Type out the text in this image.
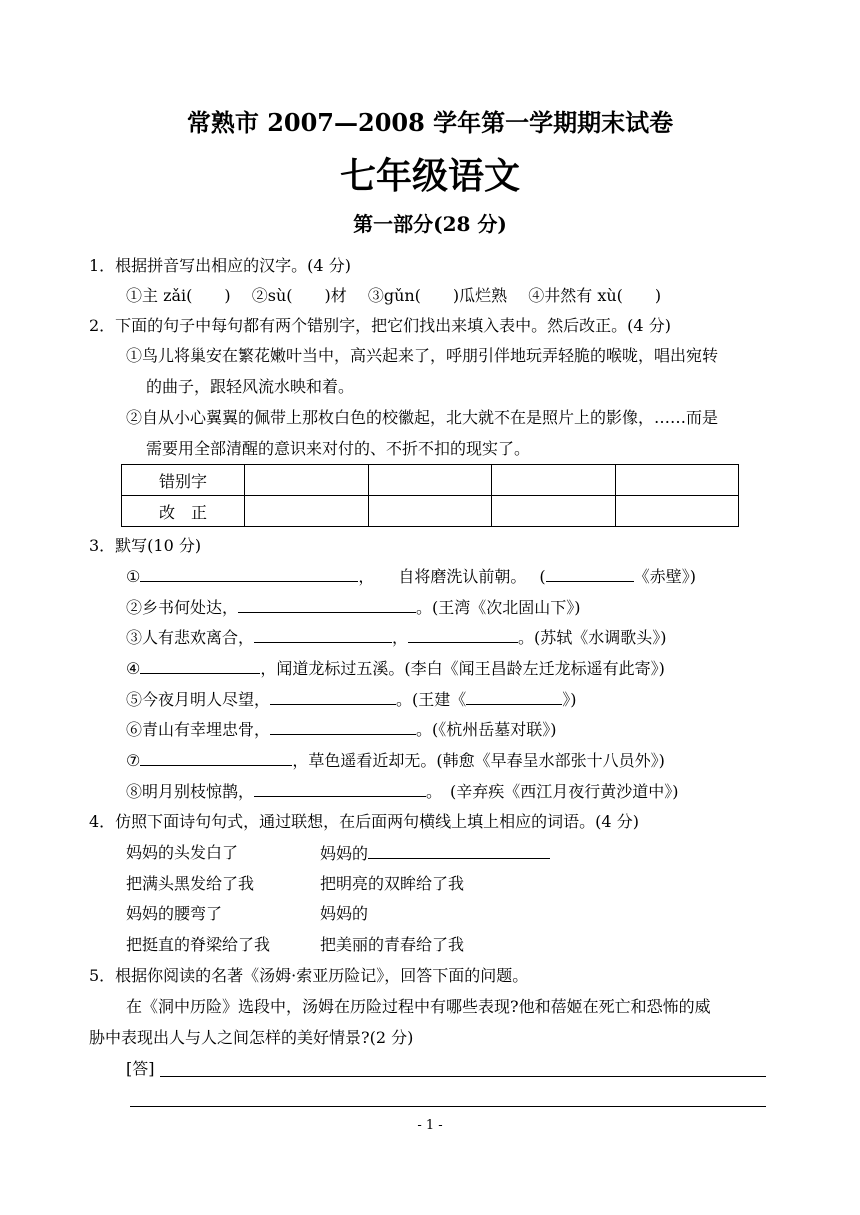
常熟市 2007—2008 学年第一学期期末试卷
七年级语文
第一部分(28 分)
1．根据拼音写出相应的汉字。(4 分)
①主 zǎi(　　)　 ②sù(　　)材　 ③gǔn(　　)瓜烂熟　 ④井然有 xù(　　)
2．下面的句子中每句都有两个错别字，把它们找出来填入表中。然后改正。(4 分)
①鸟儿将巢安在繁花嫩叶当中，高兴起来了，呼朋引伴地玩弄轻脆的喉咙，唱出宛转
的曲子，跟轻风流水映和着。
②自从小心翼翼的佩带上那枚白色的校徽起，北大就不在是照片上的影像，……而是
需要用全部清醒的意识来对付的、不折不扣的现实了。
错别字				
改　正				
3．默写(10 分)
①	，　　自将磨洗认前朝。　 (	《赤壁》)
②乡书何处达，	。(王湾《次北固山下》)
③人有悲欢离合，	，	。(苏轼《水调歌头》)
④	，闻道龙标过五溪。(李白《闻王昌龄左迁龙标遥有此寄》)
⑤今夜月明人尽望，	。(王建《	》)
⑥青山有幸埋忠骨，	。(《杭州岳墓对联》)
⑦	，草色遥看近却无。(韩愈《早春呈水部张十八员外》)
⑧明月别枝惊鹊，	。　(辛弃疾《西江月夜行黄沙道中》)
4．仿照下面诗句句式，通过联想，在后面两句横线上填上相应的词语。(4 分)
妈妈的头发白了	妈妈的
把满头黑发给了我	把明亮的双眸给了我
妈妈的腰弯了	妈妈的
把挺直的脊梁给了我	把美丽的青春给了我
5．根据你阅读的名著《汤姆·索亚历险记》，回答下面的问题。
在《洞中历险》选段中，汤姆在历险过程中有哪些表现?他和蓓姬在死亡和恐怖的威
胁中表现出人与人之间怎样的美好情景?(2 分)
[答]
- 1 -
